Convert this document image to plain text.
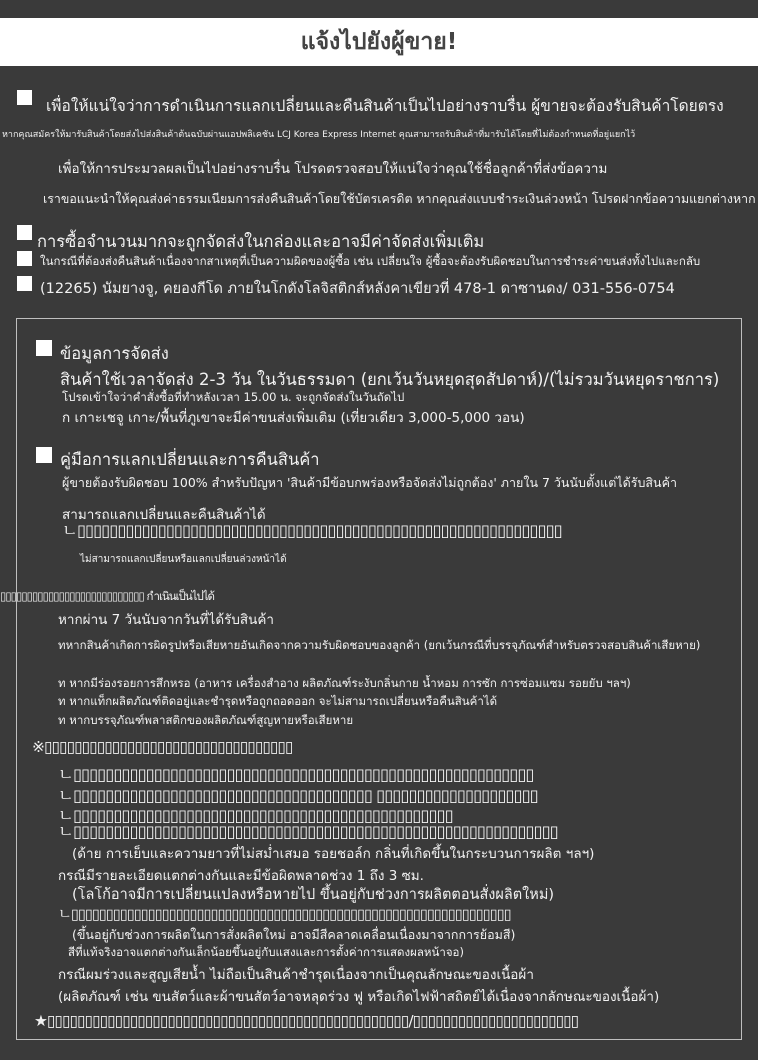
แจ้งไปยังผู้ขาย!
เพื่อให้แน่ใจว่าการดำเนินการแลกเปลี่ยนและคืนสินค้าเป็นไปอย่างราบรื่น ผู้ขายจะต้องรับสินค้าโดยตรง
หากคุณสมัครให้มารับสินค้าโดยส่งไปส่งสินค้าต้นฉบับผ่านแอปพลิเคชัน LCJ Korea Express Internet คุณสามารถรับสินค้าที่มารับได้โดยที่ไม่ต้องกำหนดที่อยู่แยกไว้
เพื่อให้การประมวลผลเป็นไปอย่างราบรื่น โปรดตรวจสอบให้แน่ใจว่าคุณใช้ชื่อลูกค้าที่ส่งข้อความ
เราขอแนะนำให้คุณส่งค่าธรรมเนียมการส่งคืนสินค้าโดยใช้บัตรเครดิต หากคุณส่งแบบชำระเงินล่วงหน้า โปรดฝากข้อความแยกต่างหาก
การซื้อจำนวนมากจะถูกจัดส่งในกล่องและอาจมีค่าจัดส่งเพิ่มเติม
ในกรณีที่ต้องส่งคืนสินค้าเนื่องจากสาเหตุที่เป็นความผิดของผู้ซื้อ เช่น เปลี่ยนใจ ผู้ซื้อจะต้องรับผิดชอบในการชำระค่าขนส่งทั้งไปและกลับ
(12265) นัมยางจู, คยองกีโด ภายในโกดังโลจิสติกส์หลังคาเขียวที่ 478-1 ดาซานดง/ 031-556-0754
ข้อมูลการจัดส่ง
สินค้าใช้เวลาจัดส่ง 2-3 วัน ในวันธรรมดา (ยกเว้นวันหยุดสุดสัปดาห์)/(ไม่รวมวันหยุดราชการ)
โปรดเข้าใจว่าคำสั่งซื้อที่ทำหลังเวลา 15.00 น. จะถูกจัดส่งในวันถัดไป
ก เกาะเชจู เกาะ/พื้นที่ภูเขาจะมีค่าขนส่งเพิ่มเติม (เที่ยวเดียว 3,000-5,000 วอน)
คู่มือการแลกเปลี่ยนและการคืนสินค้า
ผู้ขายต้องรับผิดชอบ 100% สำหรับปัญหา 'สินค้ามีข้อบกพร่องหรือจัดส่งไม่ถูกต้อง' ภายใน 7 วันนับตั้งแต่ได้รับสินค้า
สามารถแลกเปลี่ยนและคืนสินค้าได้
ㄴ▯▯▯▯▯▯▯▯▯▯▯▯▯▯▯▯▯▯▯▯▯▯▯▯▯▯▯▯▯▯▯▯▯▯▯▯▯▯▯▯▯▯▯▯▯▯▯▯▯▯▯▯▯▯▯▯▯▯▯▯
ไม่สามารถแลกเปลี่ยนหรือแลกเปลี่ยนล่วงหน้าได้
▯▯▯▯▯▯▯▯▯▯▯▯▯▯▯▯▯▯▯▯▯▯▯▯▯▯▯ กำเนินเป็นไปได้
หากผ่าน 7 วันนับจากวันที่ได้รับสินค้า
ทหากสินค้าเกิดการผิดรูปหรือเสียหายอันเกิดจากความรับผิดชอบของลูกค้า (ยกเว้นกรณีที่บรรจุภัณฑ์สำหรับตรวจสอบสินค้าเสียหาย)
ท หากมีร่องรอยการสึกหรอ (อาหาร เครื่องสำอาง ผลิตภัณฑ์ระงับกลิ่นกาย น้ำหอม การซัก การซ่อมแซม รอยยับ ฯลฯ)
ท หากแท็กผลิตภัณฑ์ติดอยู่และชำรุดหรือถูกถอดออก จะไม่สามารถเปลี่ยนหรือคืนสินค้าได้
ท หากบรรจุภัณฑ์พลาสติกของผลิตภัณฑ์สูญหายหรือเสียหาย
※▯▯▯▯▯▯▯▯▯▯▯▯▯▯▯▯▯▯▯▯▯▯▯▯▯▯▯▯▯▯▯▯▯
ㄴ▯▯▯▯▯▯▯▯▯▯▯▯▯▯▯▯▯▯▯▯▯▯▯▯▯▯▯▯▯▯▯▯▯▯▯▯▯▯▯▯▯▯▯▯▯▯▯▯▯▯▯▯▯▯▯▯▯
ㄴ▯▯▯▯▯▯▯▯▯▯▯▯▯▯▯▯▯▯▯▯▯▯▯▯▯▯▯▯▯▯▯▯▯▯▯▯▯ ▯▯▯▯▯▯▯▯▯▯▯▯▯▯▯▯▯▯▯▯
ㄴ▯▯▯▯▯▯▯▯▯▯▯▯▯▯▯▯▯▯▯▯▯▯▯▯▯▯▯▯▯▯▯▯▯▯▯▯▯▯▯▯▯▯▯▯▯▯▯
ㄴ▯▯▯▯▯▯▯▯▯▯▯▯▯▯▯▯▯▯▯▯▯▯▯▯▯▯▯▯▯▯▯▯▯▯▯▯▯▯▯▯▯▯▯▯▯▯▯▯▯▯▯▯▯▯▯▯▯▯▯▯
(ด้าย การเย็บและความยาวที่ไม่สม่ำเสมอ รอยชอล์ก กลิ่นที่เกิดขึ้นในกระบวนการผลิต ฯลฯ)
กรณีมีรายละเอียดแตกต่างกันและมีข้อผิดพลาดช่วง 1 ถึง 3 ซม.
(โลโก้อาจมีการเปลี่ยนแปลงหรือหายไป ขึ้นอยู่กับช่วงการผลิตตอนสั่งผลิตใหม่)
ㄴ▯▯▯▯▯▯▯▯▯▯▯▯▯▯▯▯▯▯▯▯▯▯▯▯▯▯▯▯▯▯▯▯▯▯▯▯▯▯▯▯▯▯▯▯▯▯▯▯▯▯▯▯▯▯▯▯▯▯▯▯▯▯▯
(ขึ้นอยู่กับช่วงการผลิตในการสั่งผลิตใหม่ อาจมีสีคลาดเคลื่อนเนื่องมาจากการย้อมสี)
สีที่แท้จริงอาจแตกต่างกันเล็กน้อยขึ้นอยู่กับแสงและการตั้งค่าการแสดงผลหน้าจอ)
กรณีผมร่วงและสูญเสียน้ำ ไม่ถือเป็นสินค้าชำรุดเนื่องจากเป็นคุณลักษณะของเนื้อผ้า
(ผลิตภัณฑ์ เช่น ขนสัตว์และผ้าขนสัตว์อาจหลุดร่วง ฟู หรือเกิดไฟฟ้าสถิตย์ได้เนื่องจากลักษณะของเนื้อผ้า)
★▯▯▯▯▯▯▯▯▯▯▯▯▯▯▯▯▯▯▯▯▯▯▯▯▯▯▯▯▯▯▯▯▯▯▯▯▯▯▯▯▯▯▯▯▯▯▯▯/▯▯▯▯▯▯▯▯▯▯▯▯▯▯▯▯▯▯▯▯▯▯
